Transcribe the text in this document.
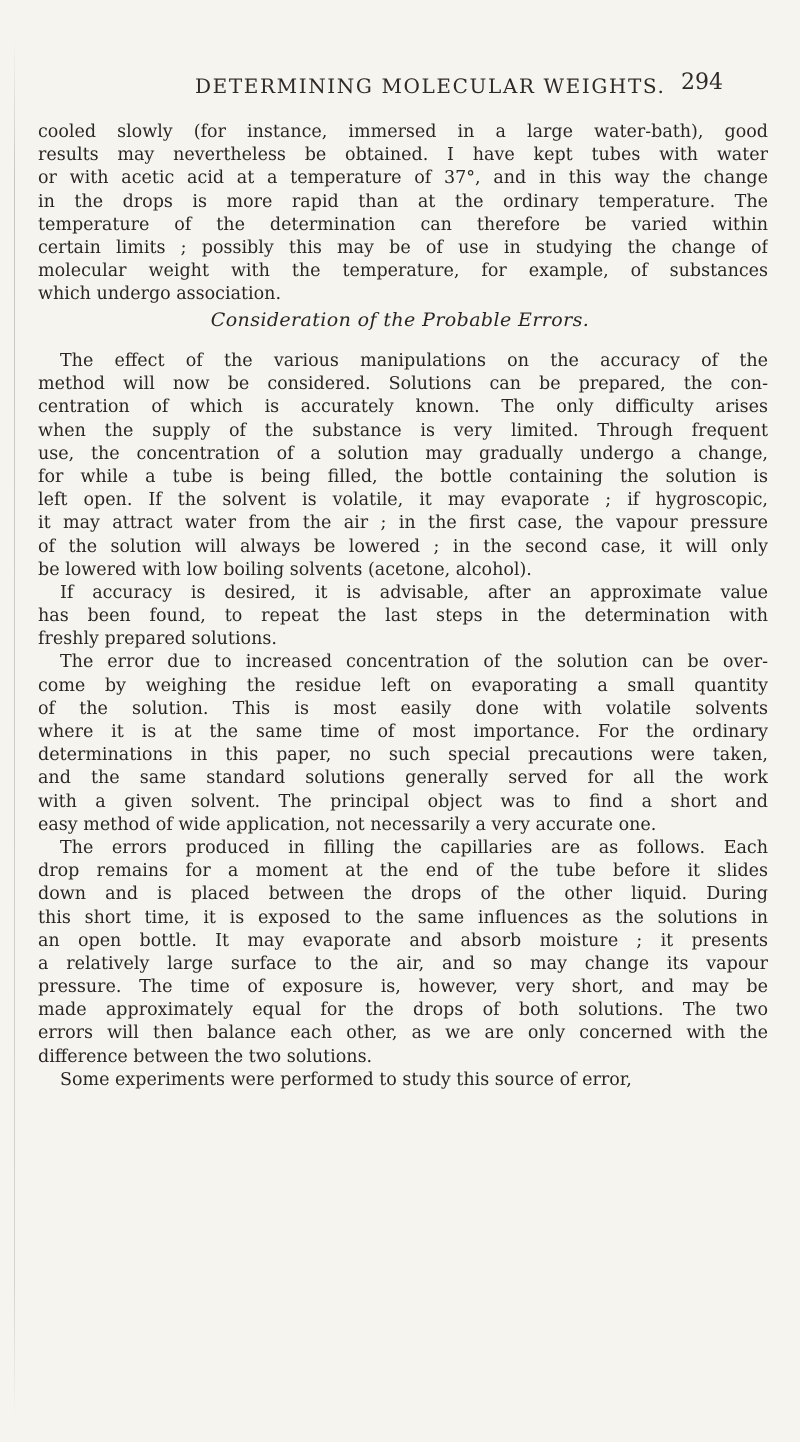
DETERMINING MOLECULAR WEIGHTS. 294
cooled slowly (for instance, immersed in a large water-bath), good
results may nevertheless be obtained. I have kept tubes with water
or with acetic acid at a temperature of 37°, and in this way the change
in the drops is more rapid than at the ordinary temperature. The
temperature of the determination can therefore be varied within
certain limits ; possibly this may be of use in studying the change of
molecular weight with the temperature, for example, of substances
which undergo association.
Consideration of the Probable Errors.
The effect of the various manipulations on the accuracy of the
method will now be considered. Solutions can be prepared, the con-
centration of which is accurately known. The only difficulty arises
when the supply of the substance is very limited. Through frequent
use, the concentration of a solution may gradually undergo a change,
for while a tube is being filled, the bottle containing the solution is
left open. If the solvent is volatile, it may evaporate ; if hygroscopic,
it may attract water from the air ; in the first case, the vapour pressure
of the solution will always be lowered ; in the second case, it will only
be lowered with low boiling solvents (acetone, alcohol).
If accuracy is desired, it is advisable, after an approximate value
has been found, to repeat the last steps in the determination with
freshly prepared solutions.
The error due to increased concentration of the solution can be over-
come by weighing the residue left on evaporating a small quantity
of the solution. This is most easily done with volatile solvents
where it is at the same time of most importance. For the ordinary
determinations in this paper, no such special precautions were taken,
and the same standard solutions generally served for all the work
with a given solvent. The principal object was to find a short and
easy method of wide application, not necessarily a very accurate one.
The errors produced in filling the capillaries are as follows. Each
drop remains for a moment at the end of the tube before it slides
down and is placed between the drops of the other liquid. During
this short time, it is exposed to the same influences as the solutions in
an open bottle. It may evaporate and absorb moisture ; it presents
a relatively large surface to the air, and so may change its vapour
pressure. The time of exposure is, however, very short, and may be
made approximately equal for the drops of both solutions. The two
errors will then balance each other, as we are only concerned with the
difference between the two solutions.
Some experiments were performed to study this source of error,
